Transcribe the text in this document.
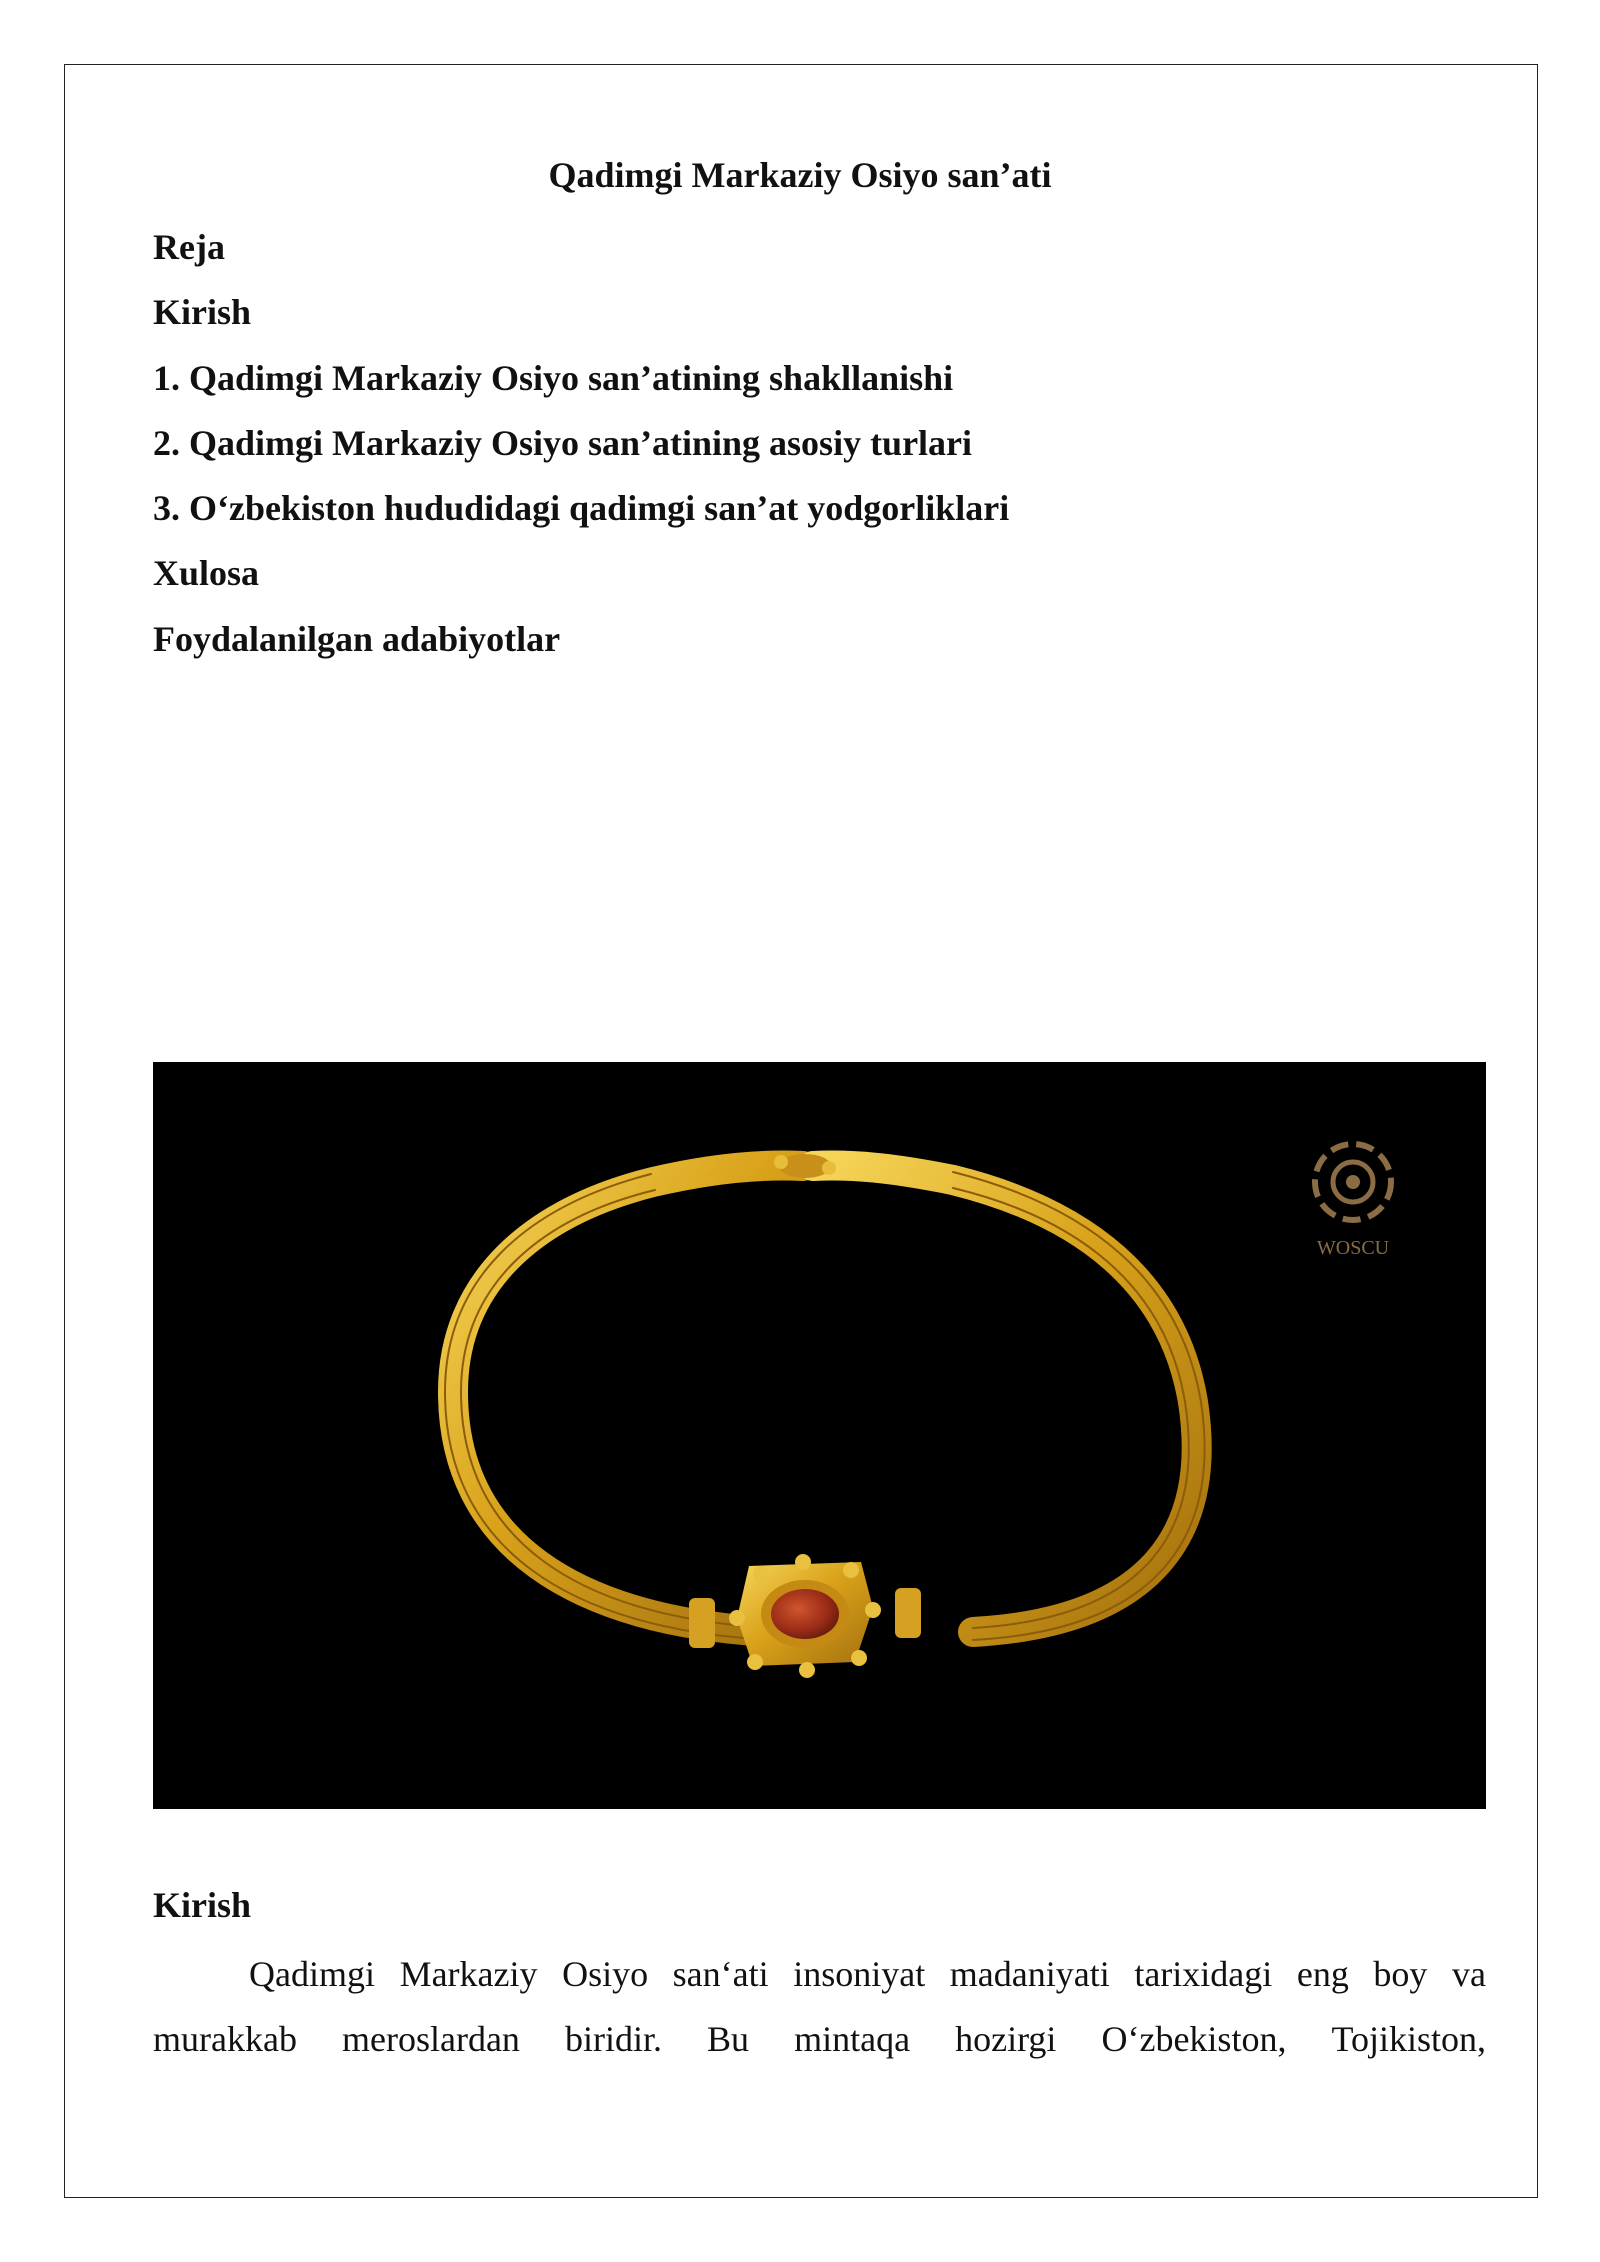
Qadimgi Markaziy Osiyo san’ati
Reja
Kirish
1. Qadimgi Markaziy Osiyo san’atining shakllanishi
2. Qadimgi Markaziy Osiyo san’atining asosiy turlari
3. O‘zbekiston hududidagi qadimgi san’at yodgorliklari
Xulosa
Foydalanilgan adabiyotlar
WOSCU
Kirish
Qadimgi Markaziy Osiyo san‘ati insoniyat madaniyati tarixidagi eng boy va
murakkab meroslardan biridir. Bu mintaqa hozirgi O‘zbekiston, Tojikiston,
